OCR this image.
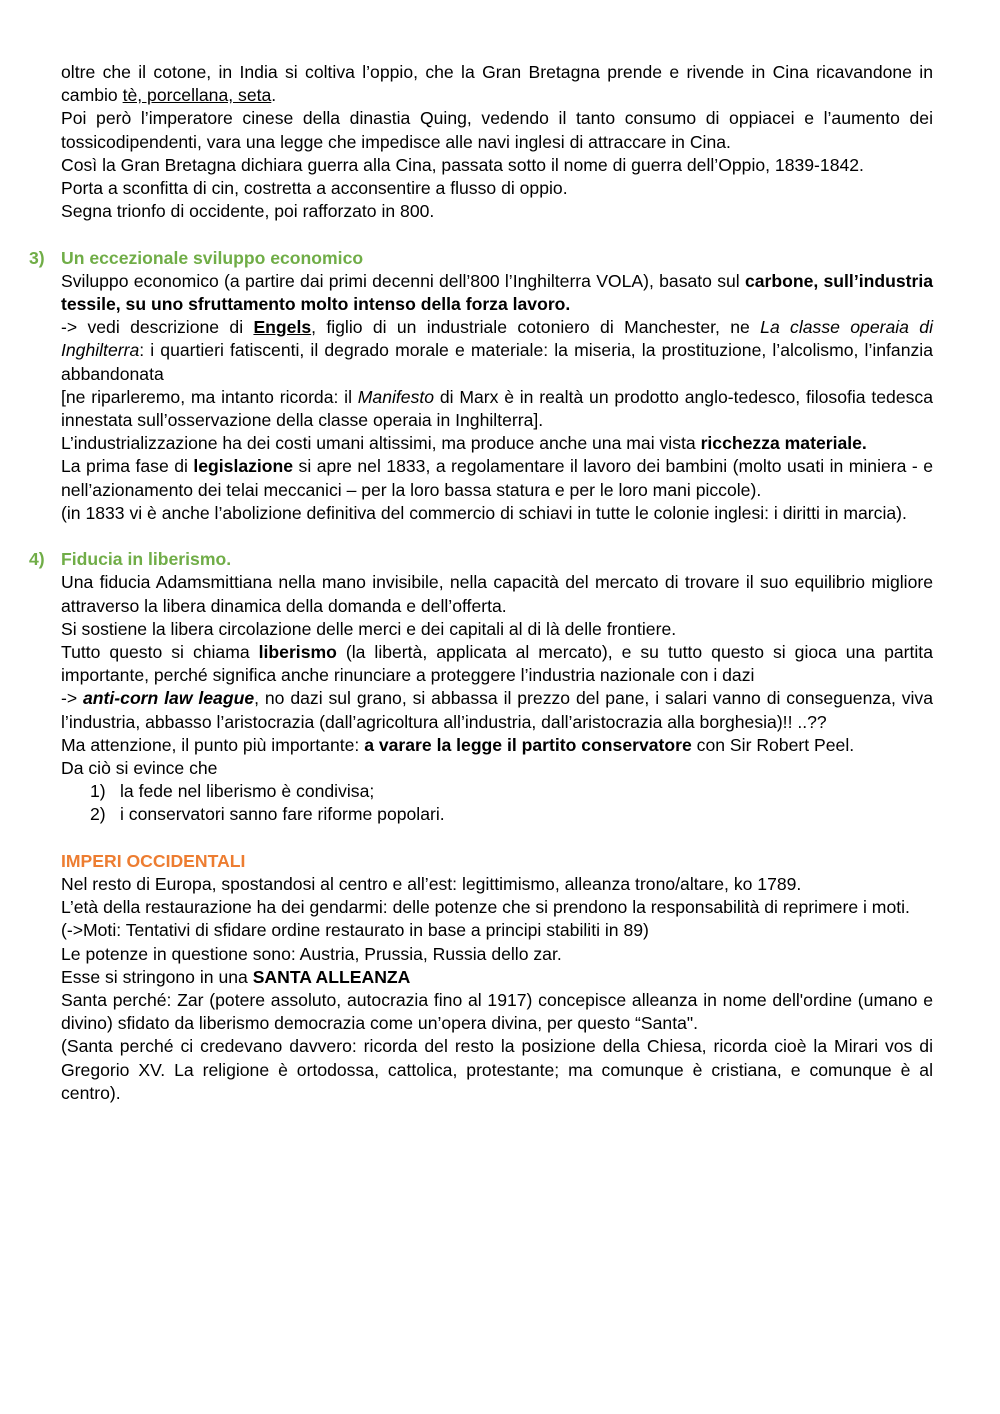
oltre che il cotone, in India si coltiva l’oppio, che la Gran Bretagna prende e rivende in Cina ricavandone in cambio tè, porcellana, seta.

Poi però l’imperatore cinese della dinastia Quing, vedendo il tanto consumo di oppiacei e l’aumento dei tossicodipendenti, vara una legge che impedisce alle navi inglesi di attraccare in Cina.

Così la Gran Bretagna dichiara guerra alla Cina, passata sotto il nome di guerra dell’Oppio, 1839-1842.

Porta a sconfitta di cin, costretta a acconsentire a flusso di oppio.

Segna trionfo di occidente, poi rafforzato in 800.

3) Un eccezionale sviluppo economico

Sviluppo economico (a partire dai primi decenni dell’800 l’Inghilterra VOLA), basato sul carbone, sull’industria tessile, su uno sfruttamento molto intenso della forza lavoro.

-> vedi descrizione di Engels, figlio di un industriale cotoniero di Manchester, ne La classe operaia di Inghilterra: i quartieri fatiscenti, il degrado morale e materiale: la miseria, la prostituzione, l’alcolismo, l’infanzia abbandonata

[ne riparleremo, ma intanto ricorda: il Manifesto di Marx è in realtà un prodotto anglo-tedesco, filosofia tedesca innestata sull’osservazione della classe operaia in Inghilterra].

L’industrializzazione ha dei costi umani altissimi, ma produce anche una mai vista ricchezza materiale.

La prima fase di legislazione si apre nel 1833, a regolamentare il lavoro dei bambini (molto usati in miniera - e nell’azionamento dei telai meccanici – per la loro bassa statura e per le loro mani piccole).

(in 1833 vi è anche l’abolizione definitiva del commercio di schiavi in tutte le colonie inglesi: i diritti in marcia).

4) Fiducia in liberismo.

Una fiducia Adamsmittiana nella mano invisibile, nella capacità del mercato di trovare il suo equilibrio migliore attraverso la libera dinamica della domanda e dell’offerta.

Si sostiene la libera circolazione delle merci e dei capitali al di là delle frontiere.

Tutto questo si chiama liberismo (la libertà, applicata al mercato), e su tutto questo si gioca una partita importante, perché significa anche rinunciare a proteggere l’industria nazionale con i dazi

-> anti-corn law league, no dazi sul grano, si abbassa il prezzo del pane, i salari vanno di conseguenza, viva l’industria, abbasso l’aristocrazia (dall’agricoltura all’industria, dall’aristocrazia alla borghesia)!! ..??

Ma attenzione, il punto più importante: a varare la legge il partito conservatore con Sir Robert Peel.

Da ciò si evince che

1) la fede nel liberismo è condivisa;
2) i conservatori sanno fare riforme popolari.
IMPERI OCCIDENTALI

Nel resto di Europa, spostandosi al centro e all’est: legittimismo, alleanza trono/altare, ko 1789.

L’età della restaurazione ha dei gendarmi: delle potenze che si prendono la responsabilità di reprimere i moti.

(->Moti: Tentativi di sfidare ordine restaurato in base a principi stabiliti in 89)

Le potenze in questione sono: Austria, Prussia, Russia dello zar.

Esse si stringono in una SANTA ALLEANZA

Santa perché: Zar (potere assoluto, autocrazia fino al 1917) concepisce alleanza in nome dell'ordine (umano e divino) sfidato da liberismo democrazia come un’opera divina, per questo “Santa".

(Santa perché ci credevano davvero: ricorda del resto la posizione della Chiesa, ricorda cioè la Mirari vos di Gregorio XV. La religione è ortodossa, cattolica, protestante; ma comunque è cristiana, e comunque è al centro).
